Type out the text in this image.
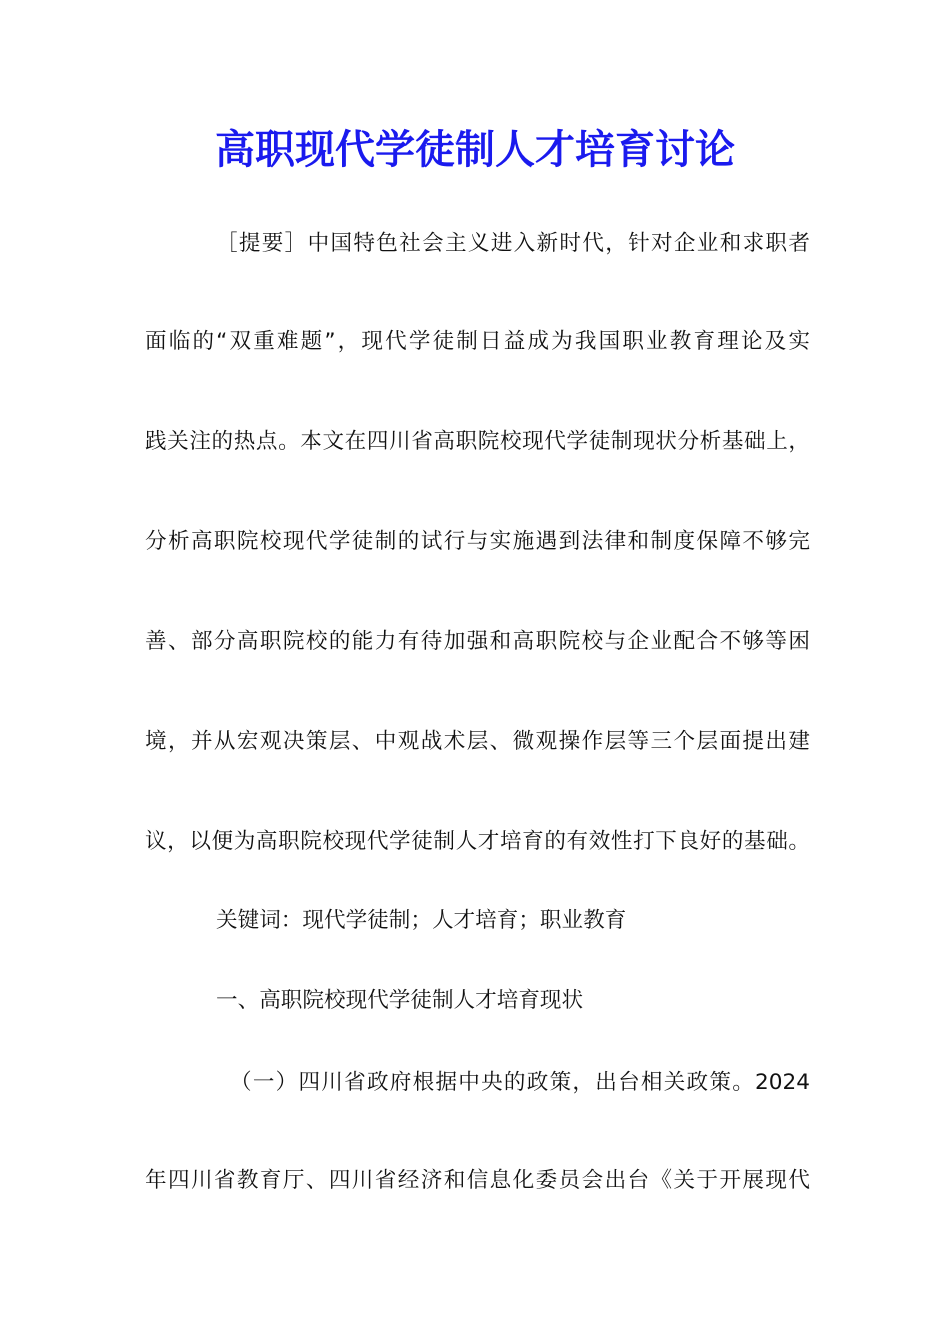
高职现代学徒制人才培育讨论
［提要］中国特色社会主义进入新时代，针对企业和求职者
面临的“双重难题”，现代学徒制日益成为我国职业教育理论及实
践关注的热点。本文在四川省高职院校现代学徒制现状分析基础上，
分析高职院校现代学徒制的试行与实施遇到法律和制度保障不够完
善、部分高职院校的能力有待加强和高职院校与企业配合不够等困
境，并从宏观决策层、中观战术层、微观操作层等三个层面提出建
议，以便为高职院校现代学徒制人才培育的有效性打下良好的基础。
关键词：现代学徒制；人才培育；职业教育
一、高职院校现代学徒制人才培育现状
（一）四川省政府根据中央的政策，出台相关政策。2024
年四川省教育厅、四川省经济和信息化委员会出台《关于开展现代
